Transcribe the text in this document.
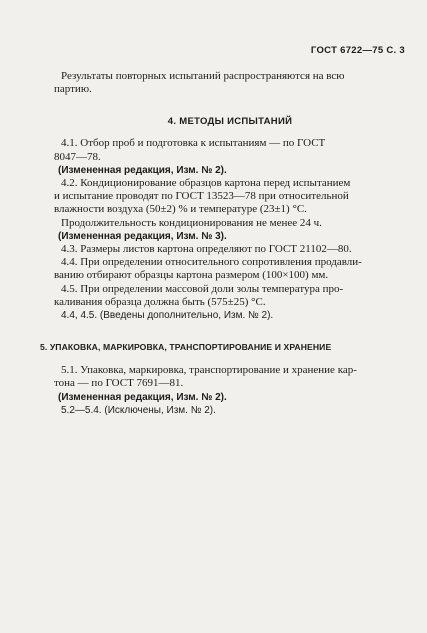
ГОСТ 6722—75 С. 3

Результаты повторных испытаний распространяются на всю
партию.

4. МЕТОДЫ ИСПЫТАНИЙ

4.1. Отбор проб и подготовка к испытаниям — по ГОСТ
8047—78.

(Измененная редакция, Изм. № 2).

4.2. Кондиционирование образцов картона перед испытанием
и испытание проводят по ГОСТ 13523—78 при относительной
влажности воздуха (50±2) % и температуре (23±1) °С.

Продолжительность кондиционирования не менее 24 ч.

(Измененная редакция, Изм. № 3).

4.3. Размеры листов картона определяют по ГОСТ 21102—80.

4.4. При определении относительного сопротивления продавли-
ванию отбирают образцы картона размером (100×100) мм.

4.5. При определении массовой доли золы температура про-
каливания образца должна быть (575±25) °С.

4.4, 4.5. (Введены дополнительно, Изм. № 2).

5. УПАКОВКА, МАРКИРОВКА, ТРАНСПОРТИРОВАНИЕ И ХРАНЕНИЕ

5.1. Упаковка, маркировка, транспортирование и хранение кар-
тона — по ГОСТ 7691—81.

(Измененная редакция, Изм. № 2).

5.2—5.4. (Исключены, Изм. № 2).
